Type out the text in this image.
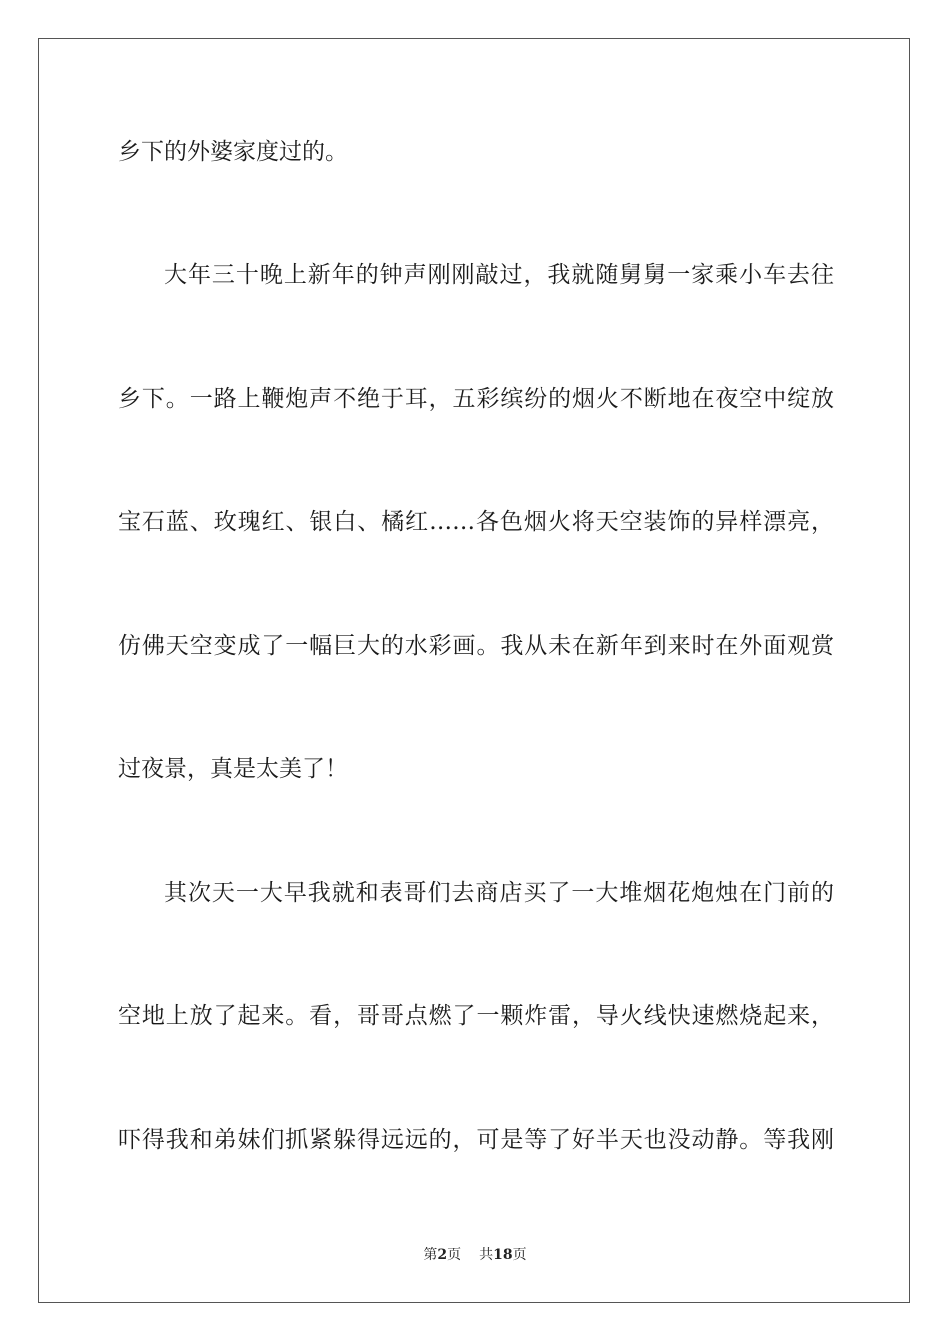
乡下的外婆家度过的。
大年三十晚上新年的钟声刚刚敲过，我就随舅舅一家乘小车去往
乡下。一路上鞭炮声不绝于耳，五彩缤纷的烟火不断地在夜空中绽放
宝石蓝、玫瑰红、银白、橘红……各色烟火将天空装饰的异样漂亮，
仿佛天空变成了一幅巨大的水彩画。我从未在新年到来时在外面观赏
过夜景，真是太美了！
其次天一大早我就和表哥们去商店买了一大堆烟花炮烛在门前的
空地上放了起来。看，哥哥点燃了一颗炸雷，导火线快速燃烧起来，
吓得我和弟妹们抓紧躲得远远的，可是等了好半天也没动静。等我刚
第2页 共18页
